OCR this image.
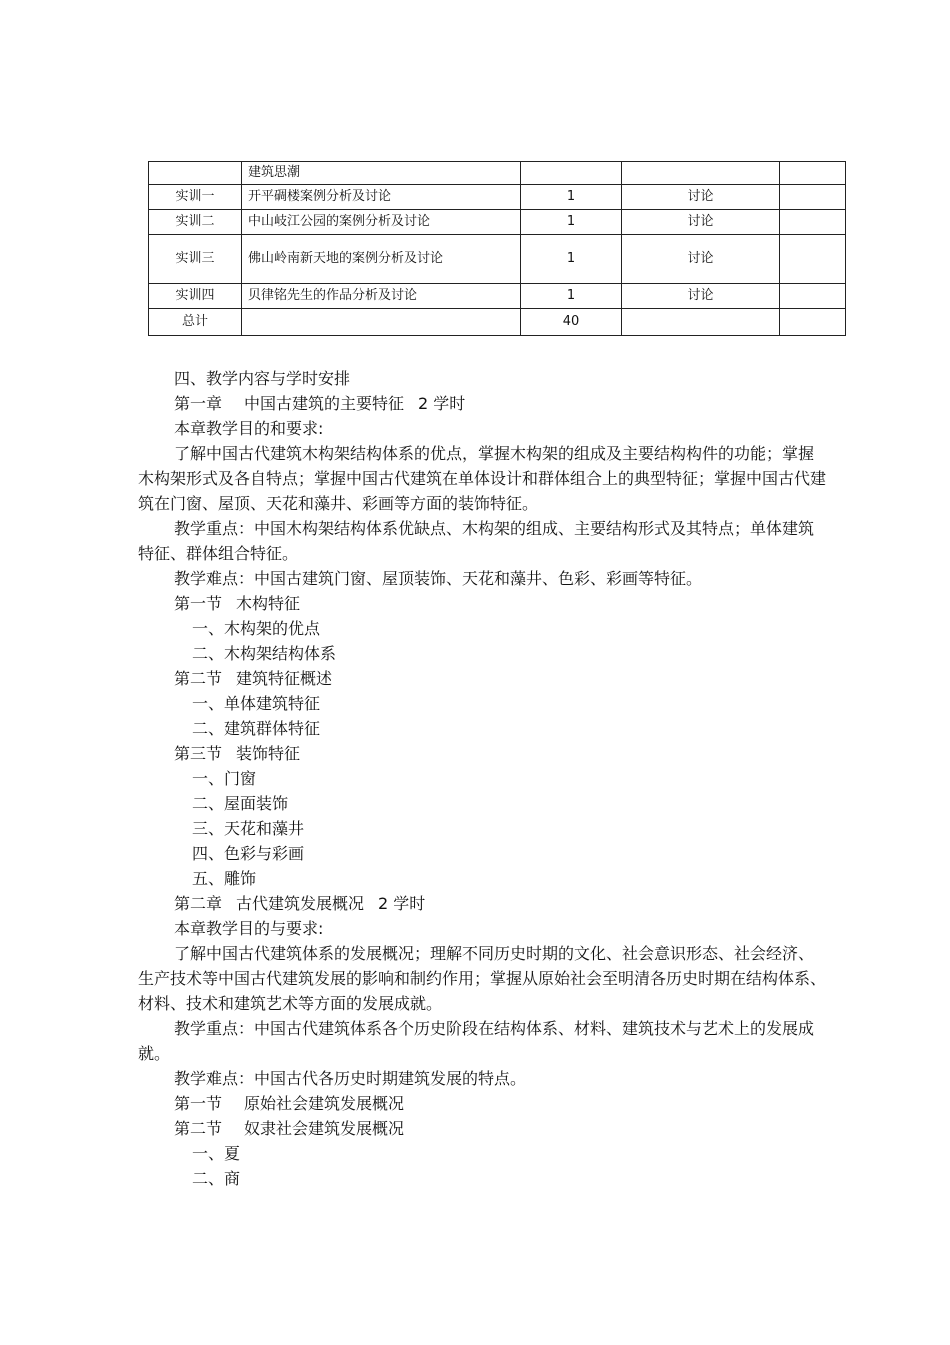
	建筑思潮			
实训一	开平碉楼案例分析及讨论	1	讨论	
实训二	中山岐江公园的案例分析及讨论	1	讨论	
实训三	佛山岭南新天地的案例分析及讨论	1	讨论	
实训四	贝律铭先生的作品分析及讨论	1	讨论	
总计		40		

四、教学内容与学时安排

第一章 中国古建筑的主要特征 2 学时

本章教学目的和要求:

了解中国古代建筑木构架结构体系的优点，掌握木构架的组成及主要结构构件的功能；掌握木构架形式及各自特点；掌握中国古代建筑在单体设计和群体组合上的典型特征；掌握中国古代建筑在门窗、屋顶、天花和藻井、彩画等方面的装饰特征。

教学重点：中国木构架结构体系优缺点、木构架的组成、主要结构形式及其特点；单体建筑特征、群体组合特征。

教学难点：中国古建筑门窗、屋顶装饰、天花和藻井、色彩、彩画等特征。

第一节 木构特征

一、木构架的优点

二、木构架结构体系

第二节 建筑特征概述

一、单体建筑特征

二、建筑群体特征

第三节 装饰特征

一、门窗

二、屋面装饰

三、天花和藻井

四、色彩与彩画

五、雕饰

第二章 古代建筑发展概况 2 学时

本章教学目的与要求:

了解中国古代建筑体系的发展概况；理解不同历史时期的文化、社会意识形态、社会经济、生产技术等中国古代建筑发展的影响和制约作用；掌握从原始社会至明清各历史时期在结构体系、材料、技术和建筑艺术等方面的发展成就。

教学重点：中国古代建筑体系各个历史阶段在结构体系、材料、建筑技术与艺术上的发展成就。

教学难点：中国古代各历史时期建筑发展的特点。

第一节 原始社会建筑发展概况

第二节 奴隶社会建筑发展概况

一、夏

二、商
